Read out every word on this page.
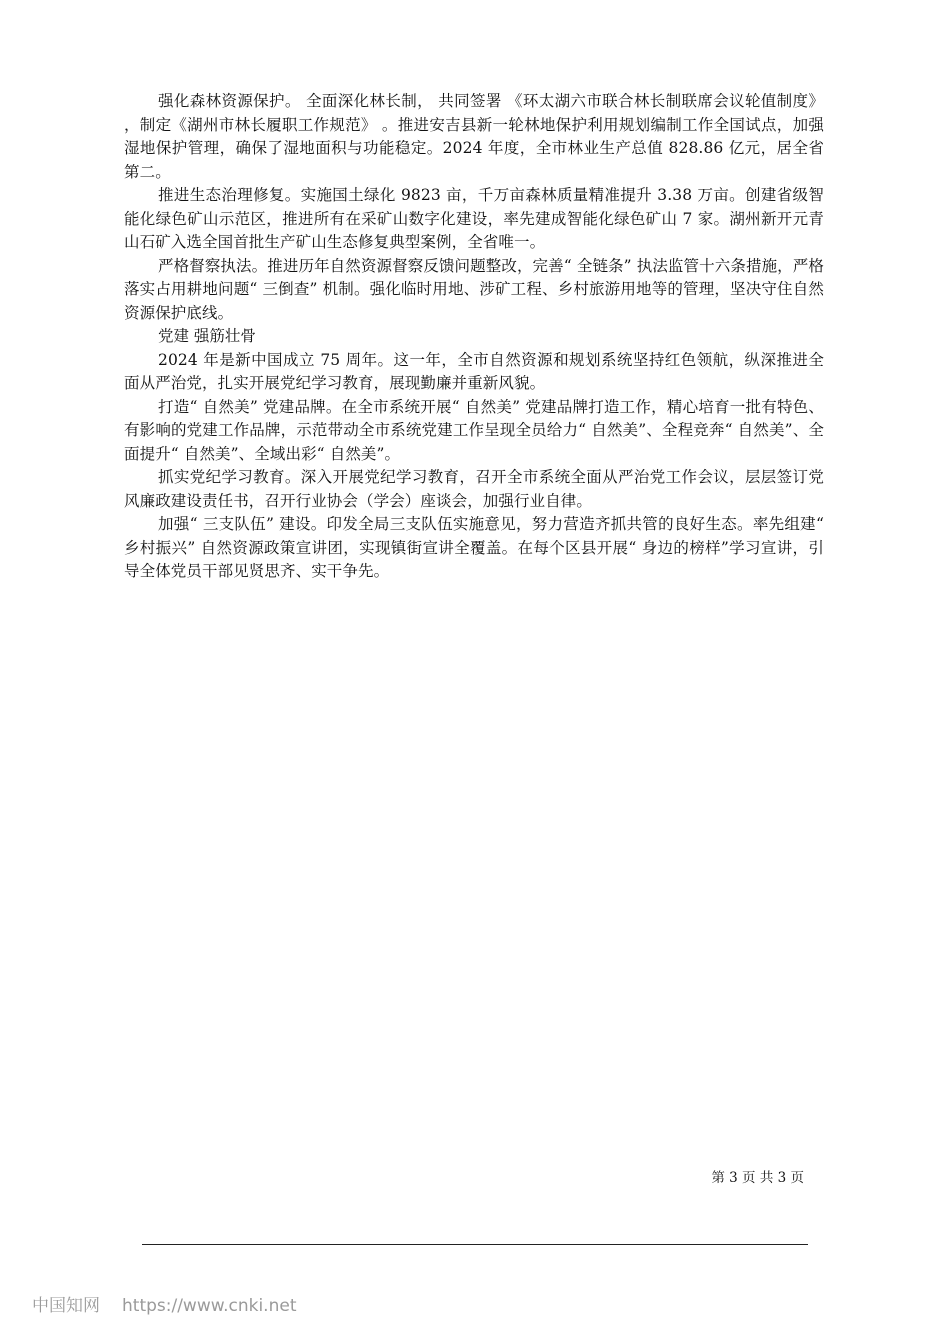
强化森林资源保护。 全面深化林长制， 共同签署 《环太湖六市联合林长制联席会议轮值制度》 ，制定《湖州市林长履职工作规范》 。推进安吉县新一轮林地保护利用规划编制工作全国试点，加强湿地保护管理，确保了湿地面积与功能稳定。2024 年度，全市林业生产总值 828.86 亿元，居全省第二。

推进生态治理修复。实施国土绿化 9823 亩，千万亩森林质量精准提升 3.38 万亩。创建省级智能化绿色矿山示范区，推进所有在采矿山数字化建设，率先建成智能化绿色矿山 7 家。湖州新开元青山石矿入选全国首批生产矿山生态修复典型案例，全省唯一。

严格督察执法。推进历年自然资源督察反馈问题整改，完善“ 全链条” 执法监管十六条措施，严格落实占用耕地问题“ 三倒查” 机制。强化临时用地、涉矿工程、乡村旅游用地等的管理，坚决守住自然资源保护底线。

党建 强筋壮骨

2024 年是新中国成立 75 周年。这一年，全市自然资源和规划系统坚持红色领航，纵深推进全面从严治党，扎实开展党纪学习教育，展现勤廉并重新风貌。

打造“ 自然美” 党建品牌。在全市系统开展“ 自然美” 党建品牌打造工作，精心培育一批有特色、有影响的党建工作品牌，示范带动全市系统党建工作呈现全员给力“ 自然美”、全程竞奔“ 自然美”、全面提升“ 自然美”、全域出彩“ 自然美”。

抓实党纪学习教育。深入开展党纪学习教育，召开全市系统全面从严治党工作会议，层层签订党风廉政建设责任书，召开行业协会（学会）座谈会，加强行业自律。

加强“ 三支队伍” 建设。印发全局三支队伍实施意见，努力营造齐抓共管的良好生态。率先组建“ 乡村振兴” 自然资源政策宣讲团，实现镇街宣讲全覆盖。在每个区县开展“ 身边的榜样”学习宣讲，引导全体党员干部见贤思齐、实干争先。

第 3 页 共 3 页
中国知网 https://www.cnki.net
